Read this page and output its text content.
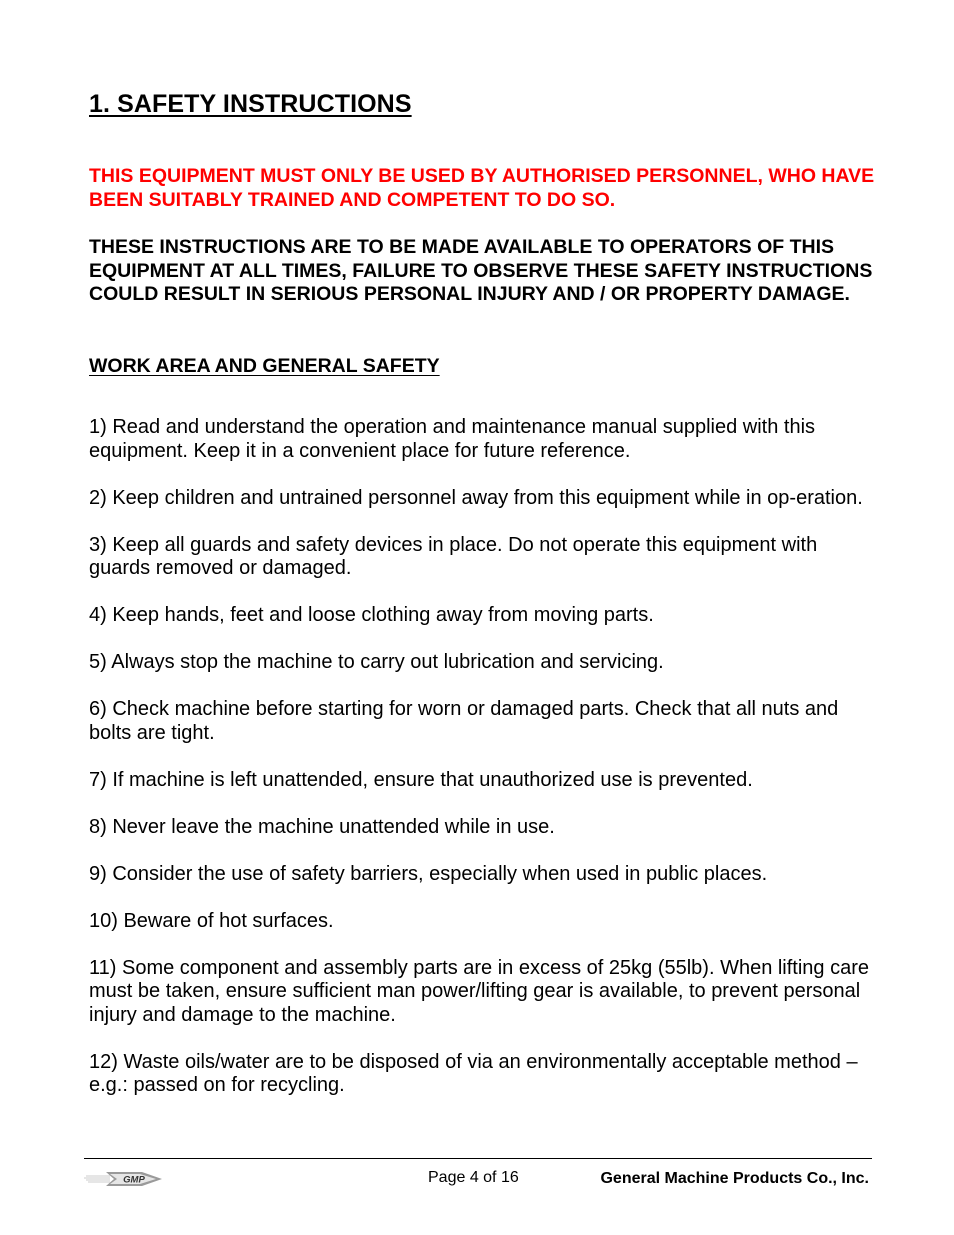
1. SAFETY INSTRUCTIONS

THIS EQUIPMENT MUST ONLY BE USED BY AUTHORISED PERSONNEL, WHO HAVE BEEN SUITABLY TRAINED AND COMPETENT TO DO SO.

THESE INSTRUCTIONS ARE TO BE MADE AVAILABLE TO OPERATORS OF THIS EQUIPMENT AT ALL TIMES, FAILURE TO OBSERVE THESE SAFETY INSTRUCTIONS COULD RESULT IN SERIOUS PERSONAL INJURY AND / OR PROPERTY DAMAGE.

WORK AREA AND GENERAL SAFETY
1) Read and understand the operation and maintenance manual supplied with this equipment. Keep it in a convenient place for future reference.
2) Keep children and untrained personnel away from this equipment while in op-eration.
3) Keep all guards and safety devices in place. Do not operate this equipment with guards removed or damaged.
4) Keep hands, feet and loose clothing away from moving parts.
5) Always stop the machine to carry out lubrication and servicing.
6) Check machine before starting for worn or damaged parts. Check that all nuts and bolts are tight.
7) If machine is left unattended, ensure that unauthorized use is prevented.
8) Never leave the machine unattended while in use.
9) Consider the use of safety barriers, especially when used in public places.
10) Beware of hot surfaces.
11) Some component and assembly parts are in excess of 25kg (55lb). When lifting care must be taken, ensure sufficient man power/lifting gear is available, to prevent personal injury and damage to the machine.
12) Waste oils/water are to be disposed of via an environmentally acceptable method – e.g.: passed on for recycling.
GMP	Page 4 of 16	General Machine Products Co., Inc.
